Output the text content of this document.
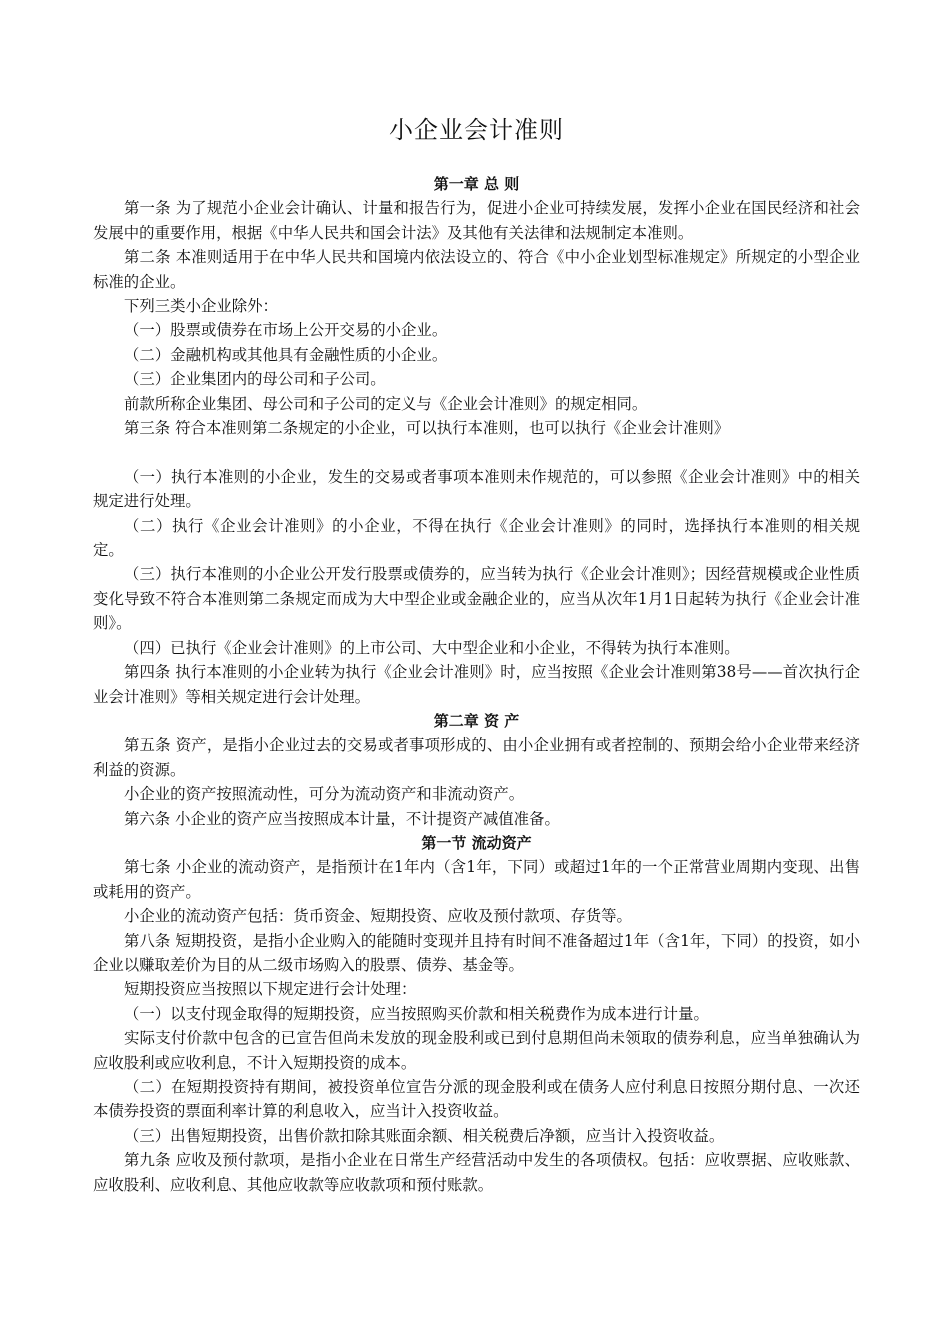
小企业会计准则
第一章 总 则

第一条 为了规范小企业会计确认、计量和报告行为，促进小企业可持续发展，发挥小企业在国民经济和社会发展中的重要作用，根据《中华人民共和国会计法》及其他有关法律和法规制定本准则。

第二条 本准则适用于在中华人民共和国境内依法设立的、符合《中小企业划型标准规定》所规定的小型企业标准的企业。

下列三类小企业除外：

（一）股票或债券在市场上公开交易的小企业。

（二）金融机构或其他具有金融性质的小企业。

（三）企业集团内的母公司和子公司。

前款所称企业集团、母公司和子公司的定义与《企业会计准则》的规定相同。

第三条 符合本准则第二条规定的小企业，可以执行本准则，也可以执行《企业会计准则》

（一）执行本准则的小企业，发生的交易或者事项本准则未作规范的，可以参照《企业会计准则》中的相关规定进行处理。

（二）执行《企业会计准则》的小企业，不得在执行《企业会计准则》的同时，选择执行本准则的相关规定。

（三）执行本准则的小企业公开发行股票或债券的，应当转为执行《企业会计准则》；因经营规模或企业性质变化导致不符合本准则第二条规定而成为大中型企业或金融企业的，应当从次年1月1日起转为执行《企业会计准则》。

（四）已执行《企业会计准则》的上市公司、大中型企业和小企业，不得转为执行本准则。

第四条 执行本准则的小企业转为执行《企业会计准则》时，应当按照《企业会计准则第38号——首次执行企业会计准则》等相关规定进行会计处理。

第二章 资 产

第五条 资产，是指小企业过去的交易或者事项形成的、由小企业拥有或者控制的、预期会给小企业带来经济利益的资源。

小企业的资产按照流动性，可分为流动资产和非流动资产。

第六条 小企业的资产应当按照成本计量，不计提资产减值准备。

第一节 流动资产

第七条 小企业的流动资产，是指预计在1年内（含1年，下同）或超过1年的一个正常营业周期内变现、出售或耗用的资产。

小企业的流动资产包括：货币资金、短期投资、应收及预付款项、存货等。

第八条 短期投资，是指小企业购入的能随时变现并且持有时间不准备超过1年（含1年，下同）的投资，如小企业以赚取差价为目的从二级市场购入的股票、债券、基金等。

短期投资应当按照以下规定进行会计处理：

（一）以支付现金取得的短期投资，应当按照购买价款和相关税费作为成本进行计量。

实际支付价款中包含的已宣告但尚未发放的现金股利或已到付息期但尚未领取的债券利息，应当单独确认为应收股利或应收利息，不计入短期投资的成本。

（二）在短期投资持有期间，被投资单位宣告分派的现金股利或在债务人应付利息日按照分期付息、一次还本债券投资的票面利率计算的利息收入，应当计入投资收益。

（三）出售短期投资，出售价款扣除其账面余额、相关税费后净额，应当计入投资收益。

第九条 应收及预付款项，是指小企业在日常生产经营活动中发生的各项债权。包括：应收票据、应收账款、应收股利、应收利息、其他应收款等应收款项和预付账款。
